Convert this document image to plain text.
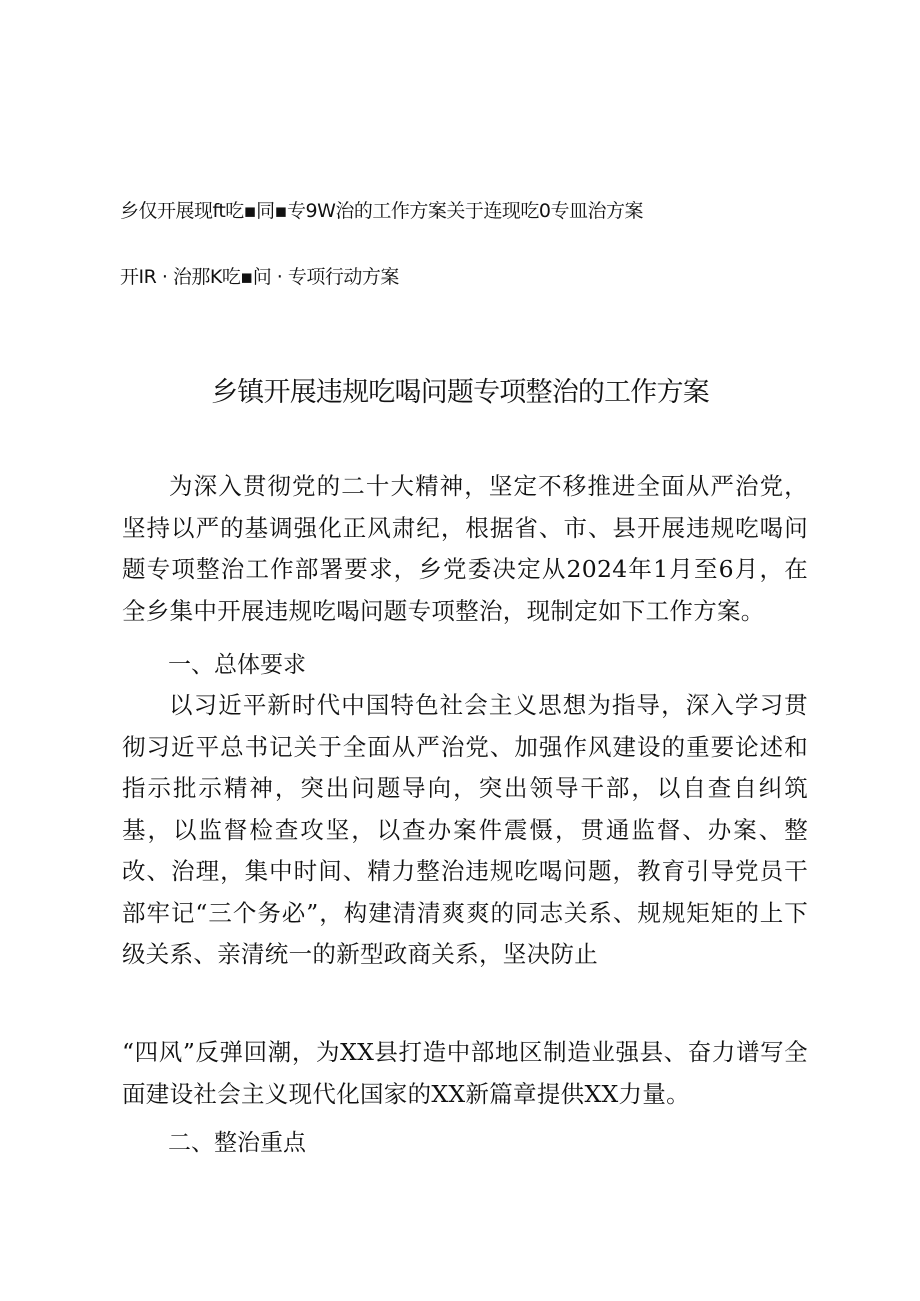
乡仅开展现ft吃▪同▪专9W治的工作方案关于连现吃0专皿治方案
开IR · 治那K吃▪问 · 专项行动方案
乡镇开展违规吃喝问题专项整治的工作方案

为深入贯彻党的二十大精神，坚定不移推进全面从严治党，坚持以严的基调强化正风肃纪，根据省、市、县开展违规吃喝问题专项整治工作部署要求，乡党委决定从2024年1月至6月，在全乡集中开展违规吃喝问题专项整治，现制定如下工作方案。

一、总体要求

以习近平新时代中国特色社会主义思想为指导，深入学习贯彻习近平总书记关于全面从严治党、加强作风建设的重要论述和指示批示精神，突出问题导向，突出领导干部，以自查自纠筑基，以监督检查攻坚，以查办案件震慑，贯通监督、办案、整改、治理，集中时间、精力整治违规吃喝问题，教育引导党员干部牢记“三个务必”，构建清清爽爽的同志关系、规规矩矩的上下级关系、亲清统一的新型政商关系，坚决防止

“四风”反弹回潮，为XX县打造中部地区制造业强县、奋力谱写全面建设社会主义现代化国家的XX新篇章提供XX力量。

二、整治重点
